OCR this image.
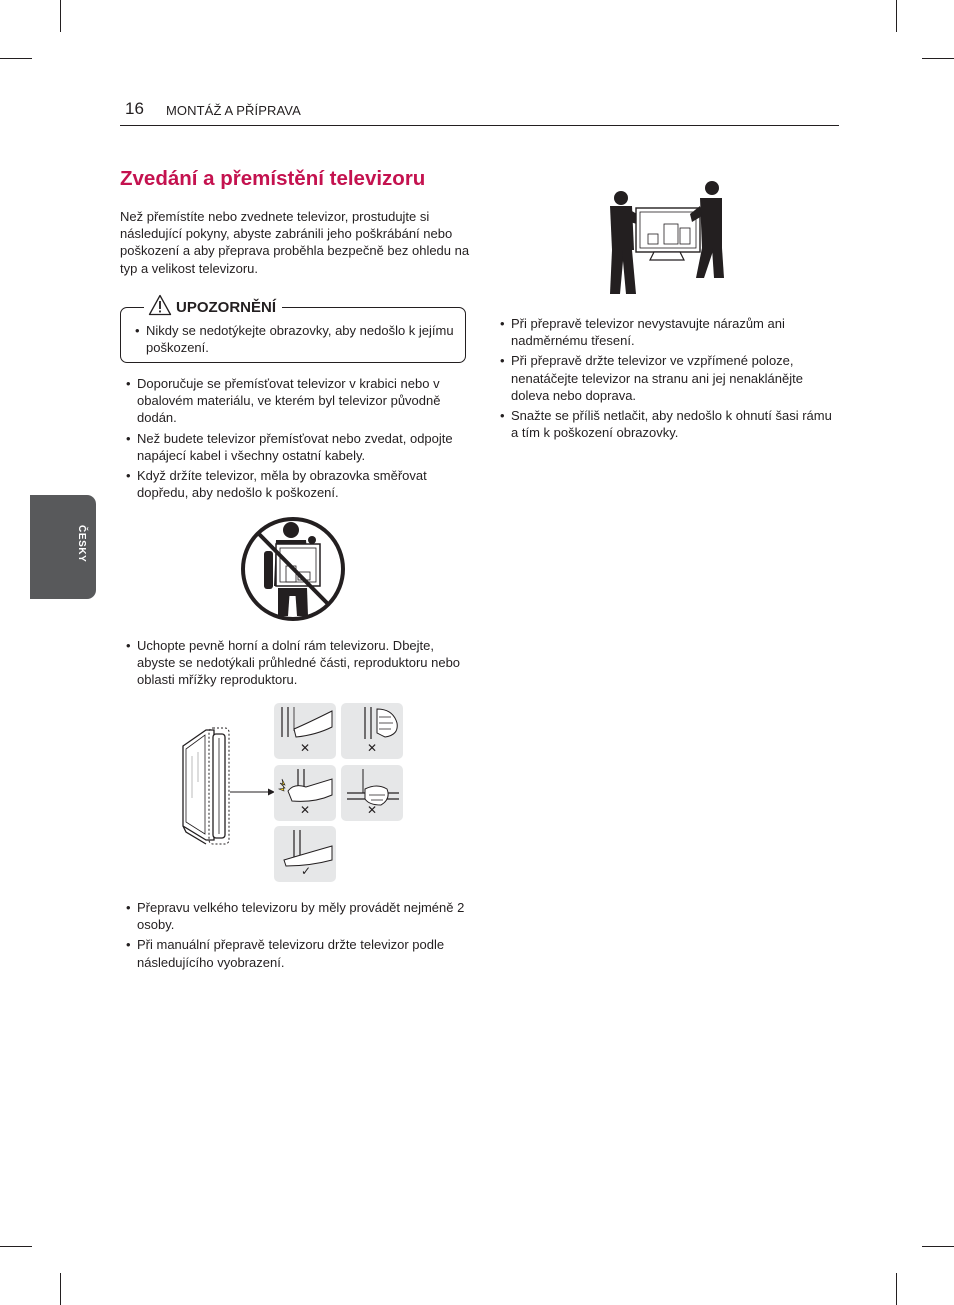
16 MONTÁŽ A PŘÍPRAVA
ČESKY
Zvedání a přemístění televizoru

Než přemístíte nebo zvednete televizor, prostudujte si následující pokyny, abyste zabránili jeho poškrábání nebo poškození a aby přeprava proběhla bezpečně bez ohledu na typ a velikost televizoru.

UPOZORNĚNÍ
• Nikdy se nedotýkejte obrazovky, aby nedošlo k jejímu poškození.
• Doporučuje se přemísťovat televizor v krabici nebo v obalovém materiálu, ve kterém byl televizor původně dodán.
• Než budete televizor přemísťovat nebo zvedat, odpojte napájecí kabel i všechny ostatní kabely.
• Když držíte televizor, měla by obrazovka směřovat dopředu, aby nedošlo k poškození.
• Uchopte pevně horní a dolní rám televizoru. Dbejte, abyste se nedotýkali průhledné části, reproduktoru nebo oblasti mřížky reproduktoru.
✕	✕
✕	✕
✓
• Přepravu velkého televizoru by měly provádět nejméně 2 osoby.
• Při manuální přepravě televizoru držte televizor podle následujícího vyobrazení.
• Při přepravě televizor nevystavujte nárazům ani nadměrnému třesení.
• Při přepravě držte televizor ve vzpřímené poloze, nenatáčejte televizor na stranu ani jej nenaklánějte doleva nebo doprava.
• Snažte se příliš netlačit, aby nedošlo k ohnutí šasi rámu a tím k poškození obrazovky.
